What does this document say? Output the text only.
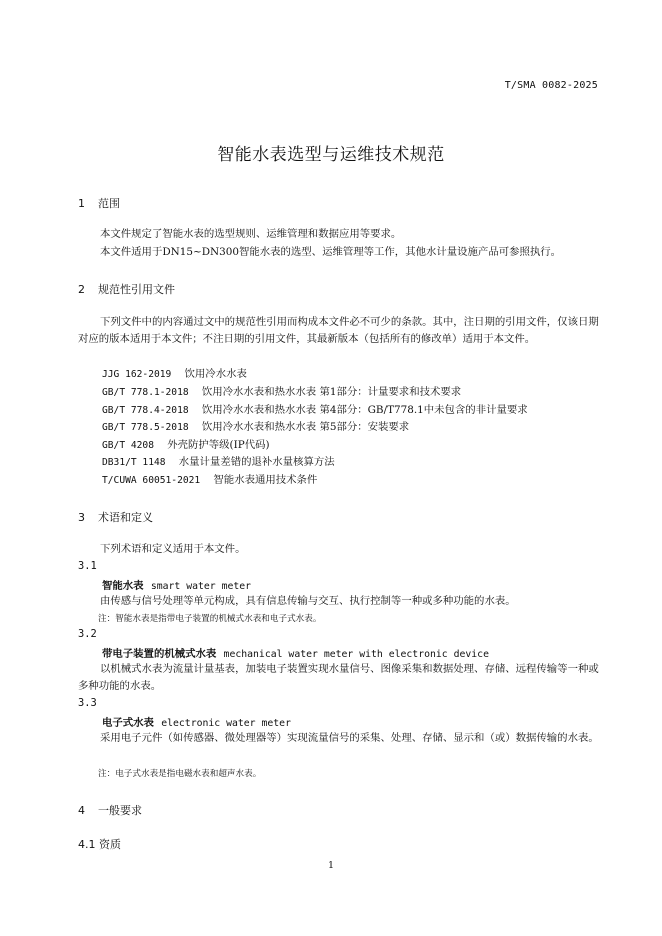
T/SMA 0082-2025
智能水表选型与运维技术规范
1 范围
本文件规定了智能水表的选型规则、运维管理和数据应用等要求。
本文件适用于DN15~DN300智能水表的选型、运维管理等工作，其他水计量设施产品可参照执行。
2 规范性引用文件
下列文件中的内容通过文中的规范性引用而构成本文件必不可少的条款。其中，注日期的引用文件，仅该日期对应的版本适用于本文件；不注日期的引用文件，其最新版本（包括所有的修改单）适用于本文件。
JJG 162-2019 饮用冷水水表
GB/T 778.1-2018 饮用冷水水表和热水水表 第1部分：计量要求和技术要求
GB/T 778.4-2018 饮用冷水水表和热水水表 第4部分：GB/T778.1中未包含的非计量要求
GB/T 778.5-2018 饮用冷水水表和热水水表 第5部分：安装要求
GB/T 4208 外壳防护等级(IP代码)
DB31/T 1148 水量计量差错的退补水量核算方法
T/CUWA 60051-2021 智能水表通用技术条件
3 术语和定义
下列术语和定义适用于本文件。
3.1
智能水表 smart water meter
由传感与信号处理等单元构成，具有信息传输与交互、执行控制等一种或多种功能的水表。
注：智能水表是指带电子装置的机械式水表和电子式水表。
3.2
带电子装置的机械式水表 mechanical water meter with electronic device
以机械式水表为流量计量基表，加装电子装置实现水量信号、图像采集和数据处理、存储、远程传输等一种或多种功能的水表。
3.3
电子式水表 electronic water meter
采用电子元件（如传感器、微处理器等）实现流量信号的采集、处理、存储、显示和（或）数据传输的水表。
注：电子式水表是指电磁水表和超声水表。
4 一般要求
4.1 资质
1
